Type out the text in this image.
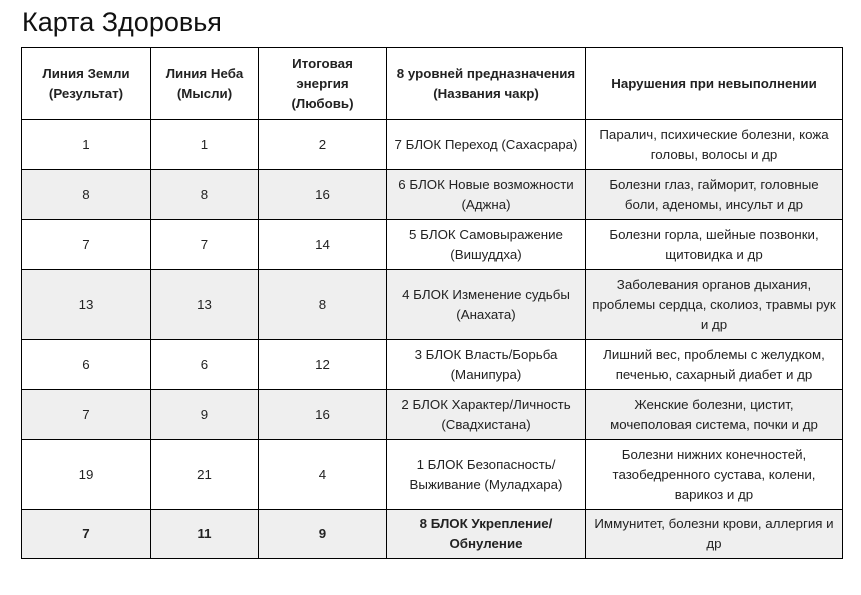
Карта Здоровья
Линия Земли (Результат)	Линия Неба (Мысли)	Итоговая энергия (Любовь)	8 уровней предназначения (Названия чакр)	Нарушения при невыполнении
1	1	2	7 БЛОК Переход (Сахасрара)	Паралич, психические болезни, кожа головы, волосы и др
8	8	16	6 БЛОК Новые возможности (Аджна)	Болезни глаз, гайморит, головные боли, аденомы, инсульт и др
7	7	14	5 БЛОК Самовыражение (Вишуддха)	Болезни горла, шейные позвонки, щитовидка и др
13	13	8	4 БЛОК Изменение судьбы (Анахата)	Заболевания органов дыхания, проблемы сердца, сколиоз, травмы рук и др
6	6	12	3 БЛОК Власть/Борьба (Манипура)	Лишний вес, проблемы с желудком, печенью, сахарный диабет и др
7	9	16	2 БЛОК Характер/Личность (Свадхистана)	Женские болезни, цистит, мочеполовая система, почки и др
19	21	4	1 БЛОК Безопасность/ Выживание (Муладхара)	Болезни нижних конечностей, тазобедренного сустава, колени, варикоз и др
7	11	9	8 БЛОК Укрепление/ Обнуление	Иммунитет, болезни крови, аллергия и др
